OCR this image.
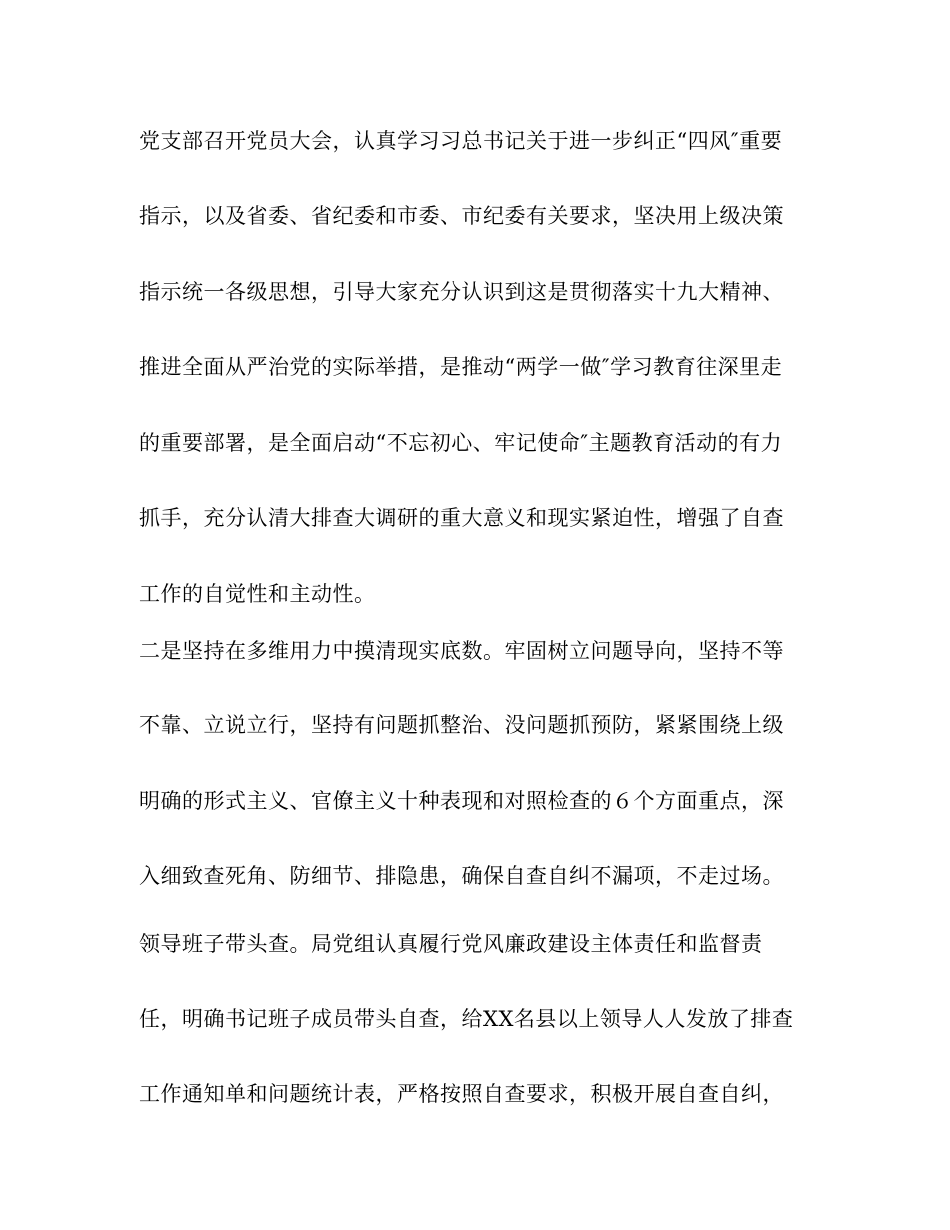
党支部召开党员大会，认真学习习总书记关于进一步纠正“四风″重要
指示，以及省委、省纪委和市委、市纪委有关要求，坚决用上级决策
指示统一各级思想，引导大家充分认识到这是贯彻落实十九大精神、
推进全面从严治党的实际举措，是推动“两学一做″学习教育往深里走
的重要部署，是全面启动“不忘初心、牢记使命″主题教育活动的有力
抓手，充分认清大排查大调研的重大意义和现实紧迫性，增强了自查
工作的自觉性和主动性。
二是坚持在多维用力中摸清现实底数。牢固树立问题导向，坚持不等
不靠、立说立行，坚持有问题抓整治、没问题抓预防，紧紧围绕上级
明确的形式主义、官僚主义十种表现和对照检查的６个方面重点，深
入细致查死角、防细节、排隐患，确保自查自纠不漏项，不走过场。
领导班子带头查。局党组认真履行党风廉政建设主体责任和监督责
任，明确书记班子成员带头自查，给XX名县以上领导人人发放了排查
工作通知单和问题统计表，严格按照自查要求，积极开展自查自纠，
